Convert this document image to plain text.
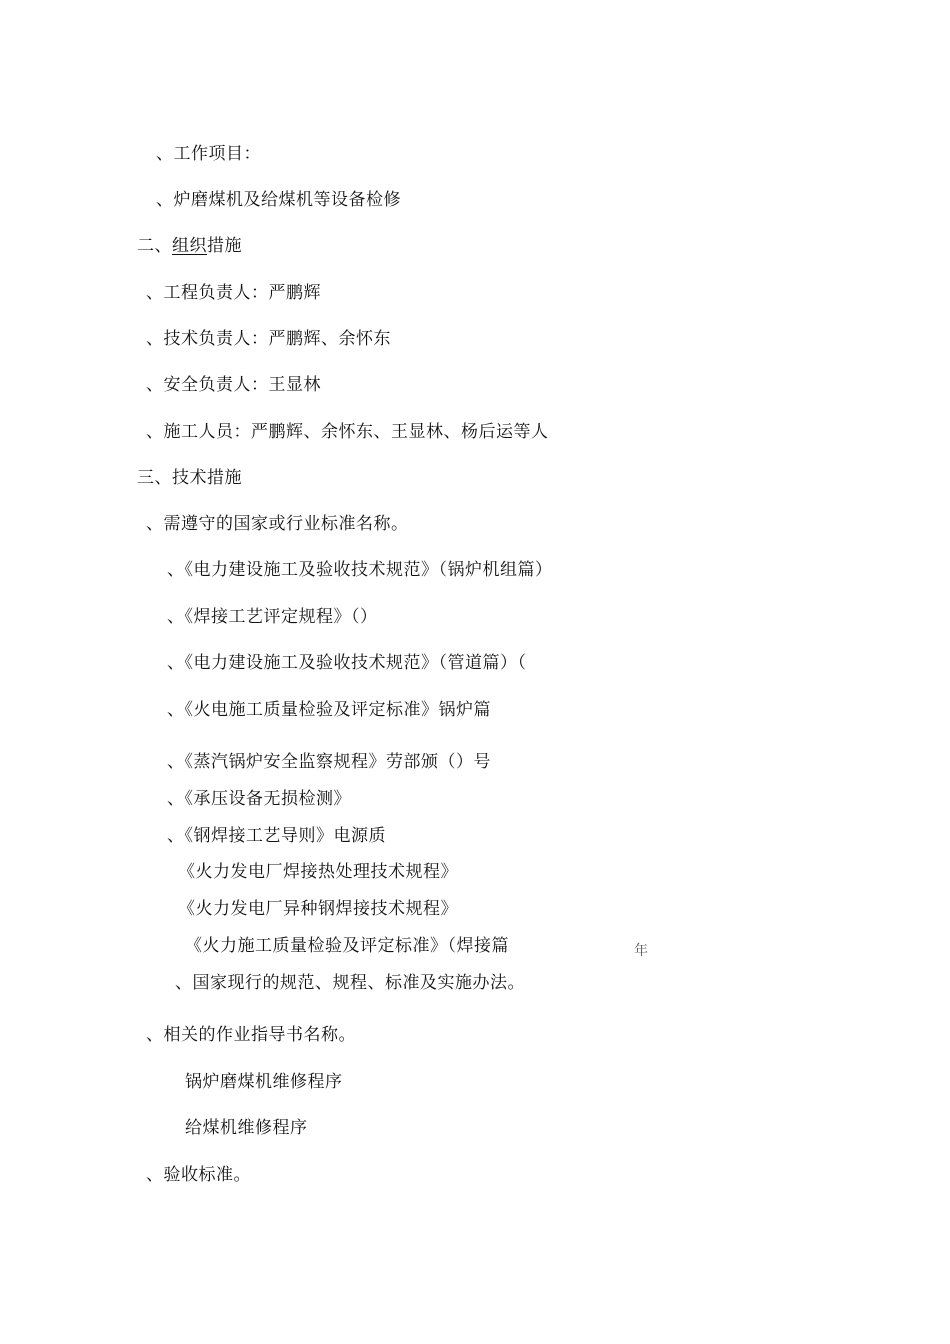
、工作项目：
、炉磨煤机及给煤机等设备检修
二、组织措施
、工程负责人：严鹏辉
、技术负责人：严鹏辉、余怀东
、安全负责人：王显林
、施工人员：严鹏辉、余怀东、王显林、杨后运等人
三、技术措施
、需遵守的国家或行业标准名称。
、《电力建设施工及验收技术规范》（锅炉机组篇）
、《焊接工艺评定规程》（）
、《电力建设施工及验收技术规范》（管道篇）（
、《火电施工质量检验及评定标准》锅炉篇
、《蒸汽锅炉安全监察规程》劳部颁（）号
、《承压设备无损检测》
、《钢焊接工艺导则》电源质
《火力发电厂焊接热处理技术规程》
《火力发电厂异种钢焊接技术规程》
《火力施工质量检验及评定标准》（焊接篇	年
、国家现行的规范、规程、标准及实施办法。
、相关的作业指导书名称。
锅炉磨煤机维修程序
给煤机维修程序
、验收标准。
